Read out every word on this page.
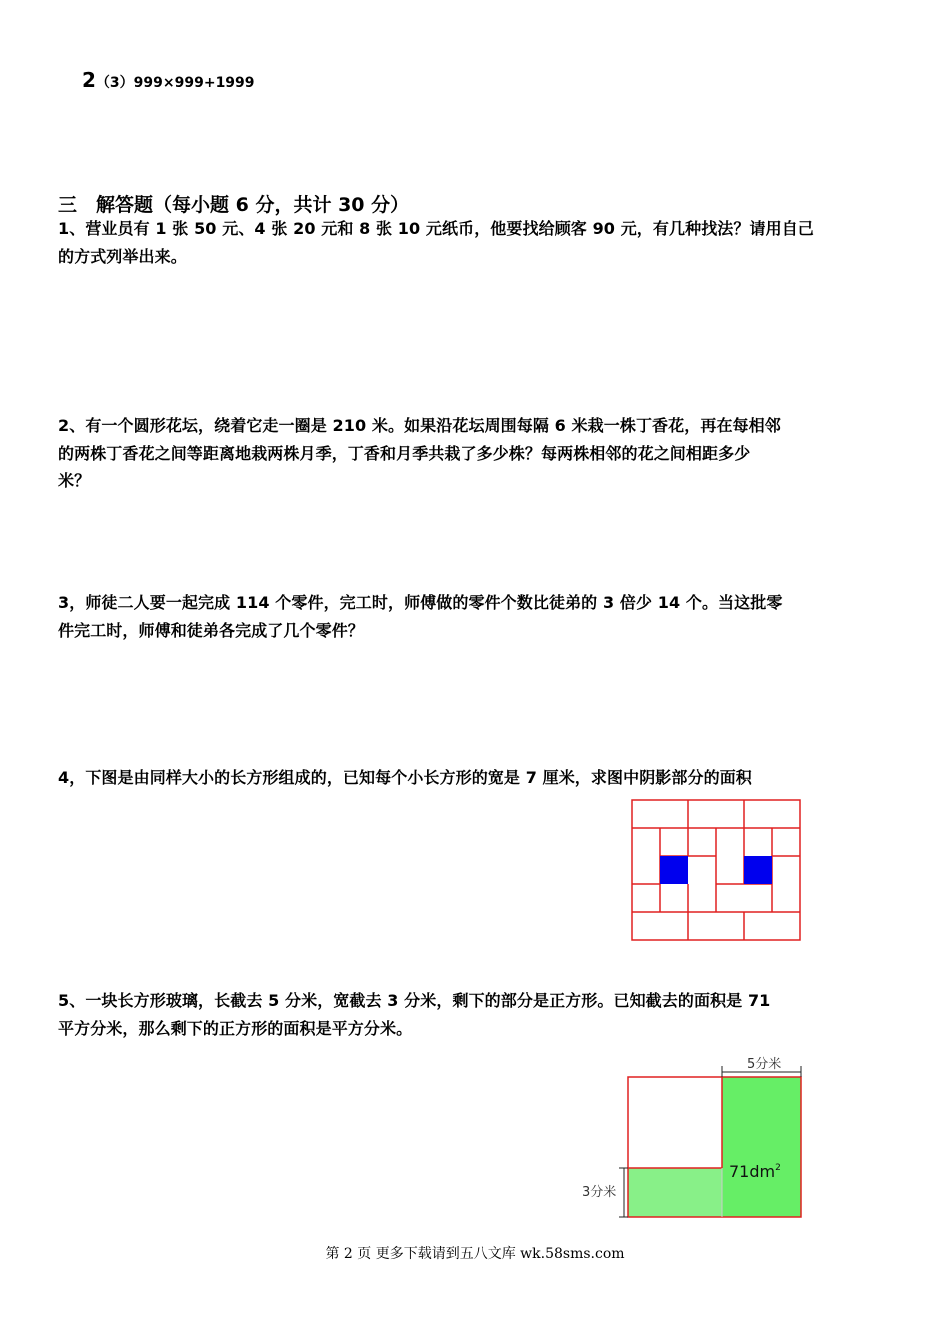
2（3）999×999+1999
三　解答题（每小题 6 分，共计 30 分）
1、营业员有 1 张 50 元、4 张 20 元和 8 张 10 元纸币，他要找给顾客 90 元，有几种找法？请用自己
的方式列举出来。
2、有一个圆形花坛，绕着它走一圈是 210 米。如果沿花坛周围每隔 6 米栽一株丁香花，再在每相邻
的两株丁香花之间等距离地栽两株月季，丁香和月季共栽了多少株？每两株相邻的花之间相距多少
米？
3，师徒二人要一起完成 114 个零件，完工时，师傅做的零件个数比徒弟的 3 倍少 14 个。当这批零
件完工时，师傅和徒弟各完成了几个零件？
4，下图是由同样大小的长方形组成的，已知每个小长方形的宽是 7 厘米，求图中阴影部分的面积
5、一块长方形玻璃，长截去 5 分米，宽截去 3 分米，剩下的部分是正方形。已知截去的面积是 71
平方分米，那么剩下的正方形的面积是平方分米。
5分米
3分米
$71dm^2$
第 2 页 更多下载请到五八文库 wk.58sms.com
